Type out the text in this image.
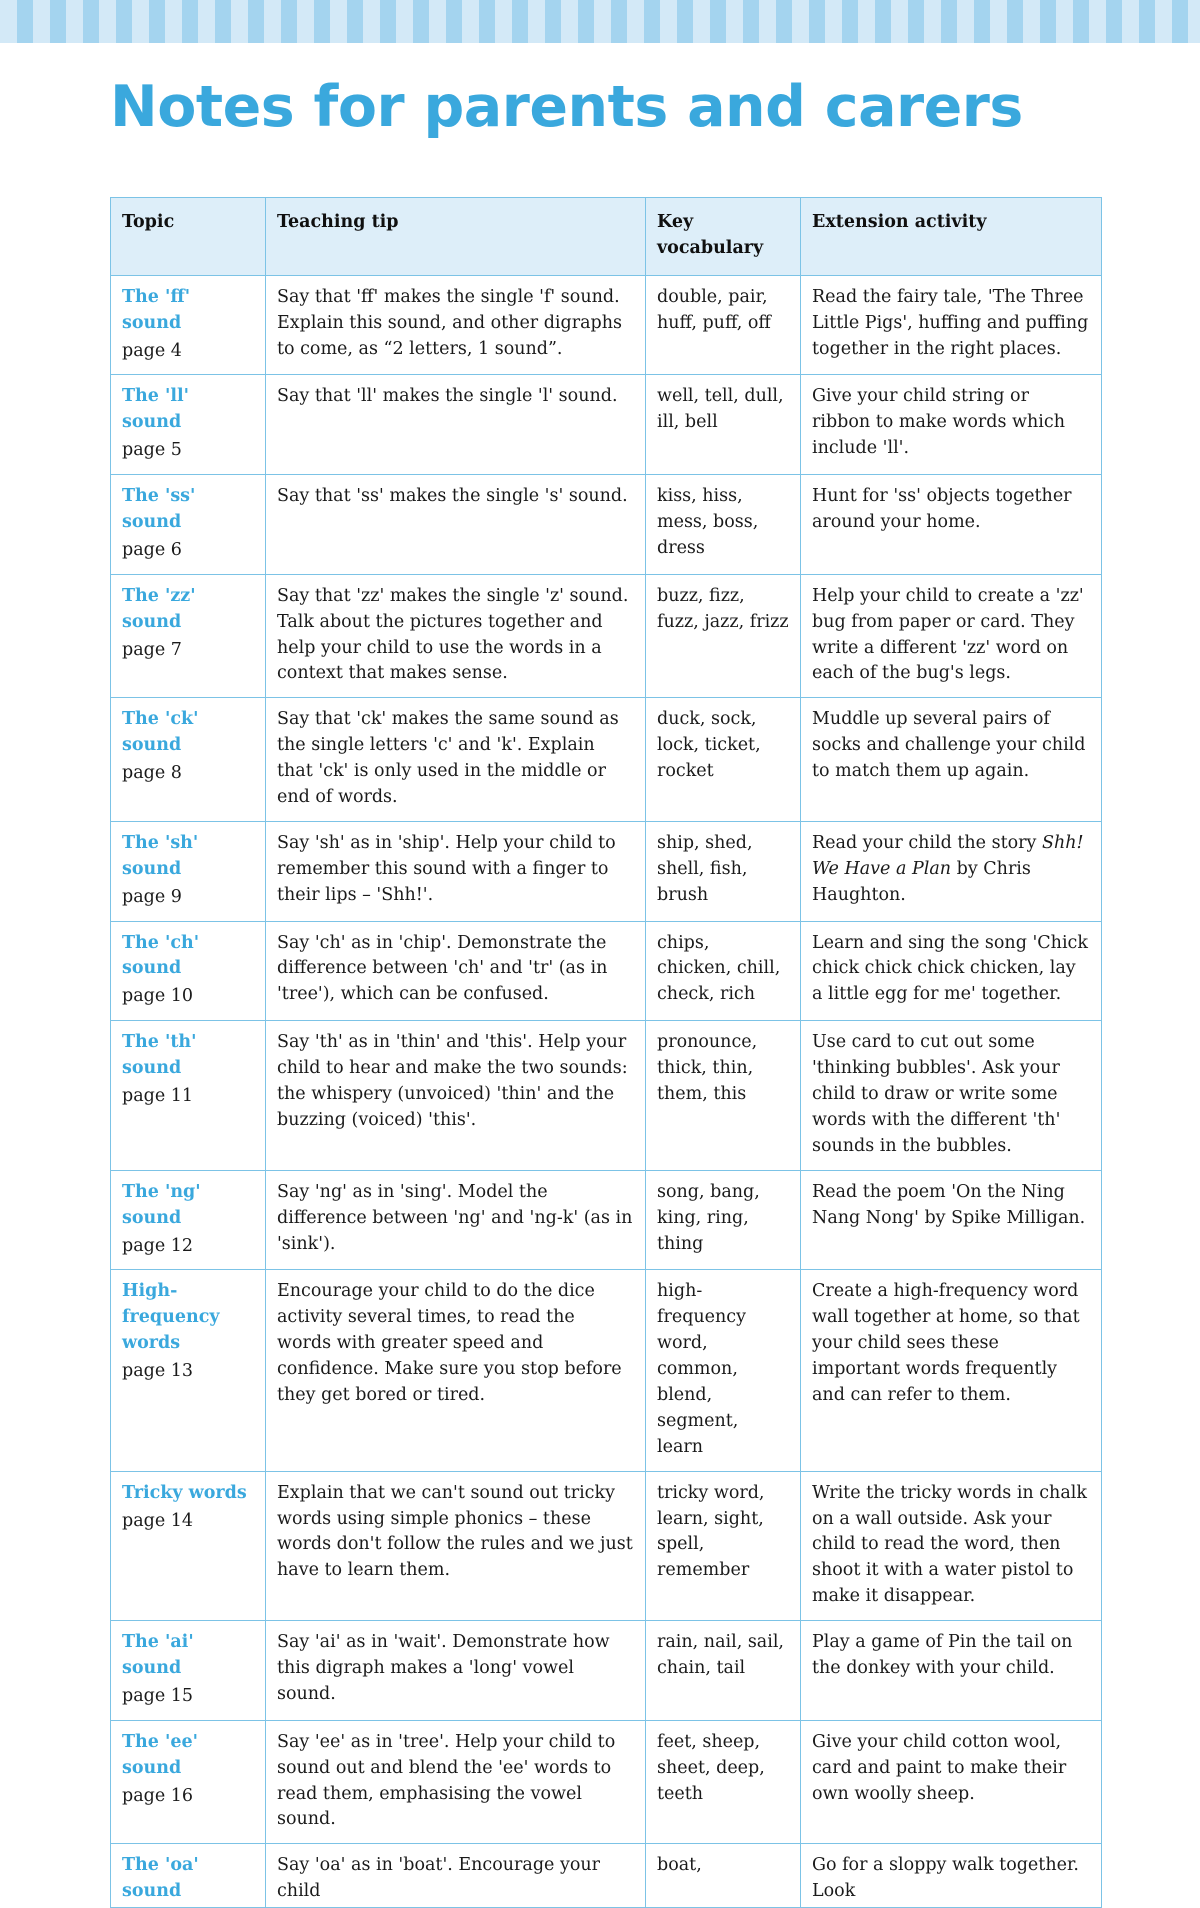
Notes for parents and carers
Topic	Teaching tip	Key vocabulary	Extension activity

The 'ff' sound
page 4	Say that 'ff' makes the single 'f' sound. Explain this sound, and other digraphs to come, as “2 letters, 1 sound”.	double, pair, huff, puff, off	Read the fairy tale, 'The Three Little Pigs', huffing and puffing together in the right places.

The 'll' sound
page 5	Say that 'll' makes the single 'l' sound.	well, tell, dull, ill, bell	Give your child string or ribbon to make words which include 'll'.

The 'ss' sound
page 6	Say that 'ss' makes the single 's' sound.	kiss, hiss, mess, boss, dress	Hunt for 'ss' objects together around your home.

The 'zz' sound
page 7	Say that 'zz' makes the single 'z' sound. Talk about the pictures together and help your child to use the words in a context that makes sense.	buzz, fizz, fuzz, jazz, frizz	Help your child to create a 'zz' bug from paper or card. They write a different 'zz' word on each of the bug's legs.

The 'ck' sound
page 8	Say that 'ck' makes the same sound as the single letters 'c' and 'k'. Explain that 'ck' is only used in the middle or end of words.	duck, sock, lock, ticket, rocket	Muddle up several pairs of socks and challenge your child to match them up again.

The 'sh' sound
page 9	Say 'sh' as in 'ship'. Help your child to remember this sound with a finger to their lips – 'Shh!'.	ship, shed, shell, fish, brush	Read your child the story Shh! We Have a Plan by Chris Haughton.

The 'ch' sound
page 10	Say 'ch' as in 'chip'. Demonstrate the difference between 'ch' and 'tr' (as in 'tree'), which can be confused.	chips, chicken, chill, check, rich	Learn and sing the song 'Chick chick chick chick chicken, lay a little egg for me' together.

The 'th' sound
page 11	Say 'th' as in 'thin' and 'this'. Help your child to hear and make the two sounds: the whispery (unvoiced) 'thin' and the buzzing (voiced) 'this'.	pronounce, thick, thin, them, this	Use card to cut out some 'thinking bubbles'. Ask your child to draw or write some words with the different 'th' sounds in the bubbles.

The 'ng' sound
page 12	Say 'ng' as in 'sing'. Model the difference between 'ng' and 'ng-k' (as in 'sink').	song, bang, king, ring, thing	Read the poem 'On the Ning Nang Nong' by Spike Milligan.

High-frequency words
page 13	Encourage your child to do the dice activity several times, to read the words with greater speed and confidence. Make sure you stop before they get bored or tired.	high-frequency word, common, blend, segment, learn	Create a high-frequency word wall together at home, so that your child sees these important words frequently and can refer to them.

Tricky words
page 14	Explain that we can't sound out tricky words using simple phonics – these words don't follow the rules and we just have to learn them.	tricky word, learn, sight, spell, remember	Write the tricky words in chalk on a wall outside. Ask your child to read the word, then shoot it with a water pistol to make it disappear.

The 'ai' sound
page 15	Say 'ai' as in 'wait'. Demonstrate how this digraph makes a 'long' vowel sound.	rain, nail, sail, chain, tail	Play a game of Pin the tail on the donkey with your child.

The 'ee' sound
page 16	Say 'ee' as in 'tree'. Help your child to sound out and blend the 'ee' words to read them, emphasising the vowel sound.	feet, sheep, sheet, deep, teeth	Give your child cotton wool, card and paint to make their own woolly sheep.

The 'oa' sound	Say 'oa' as in 'boat'. Encourage your child	boat,	Go for a sloppy walk together. Look
